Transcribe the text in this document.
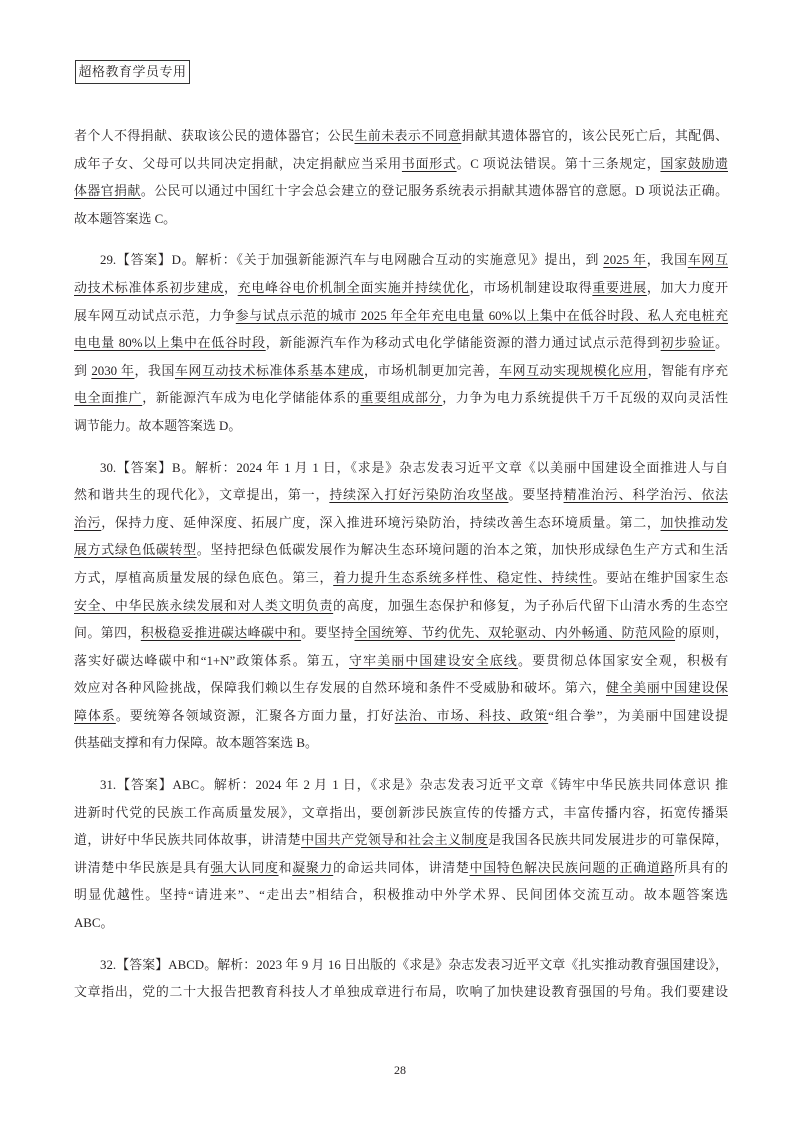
超格教育学员专用
者个人不得捐献、获取该公民的遗体器官；公民生前未表示不同意捐献其遗体器官的，该公民死亡后，其配偶、
成年子女、父母可以共同决定捐献，决定捐献应当采用书面形式。C 项说法错误。第十三条规定，国家鼓励遗
体器官捐献。公民可以通过中国红十字会总会建立的登记服务系统表示捐献其遗体器官的意愿。D 项说法正确。
故本题答案选 C。
29.【答案】D。解析：《关于加强新能源汽车与电网融合互动的实施意见》提出，到 2025 年，我国车网互
动技术标准体系初步建成，充电峰谷电价机制全面实施并持续优化，市场机制建设取得重要进展，加大力度开
展车网互动试点示范，力争参与试点示范的城市 2025 年全年充电电量 60%以上集中在低谷时段、私人充电桩充
电电量 80%以上集中在低谷时段，新能源汽车作为移动式电化学储能资源的潜力通过试点示范得到初步验证。
到 2030 年，我国车网互动技术标准体系基本建成，市场机制更加完善，车网互动实现规模化应用，智能有序充
电全面推广，新能源汽车成为电化学储能体系的重要组成部分，力争为电力系统提供千万千瓦级的双向灵活性
调节能力。故本题答案选 D。
30.【答案】B。解析：2024 年 1 月 1 日，《求是》杂志发表习近平文章《以美丽中国建设全面推进人与自
然和谐共生的现代化》，文章提出，第一，持续深入打好污染防治攻坚战。要坚持精准治污、科学治污、依法
治污，保持力度、延伸深度、拓展广度，深入推进环境污染防治，持续改善生态环境质量。第二，加快推动发
展方式绿色低碳转型。坚持把绿色低碳发展作为解决生态环境问题的治本之策，加快形成绿色生产方式和生活
方式，厚植高质量发展的绿色底色。第三，着力提升生态系统多样性、稳定性、持续性。要站在维护国家生态
安全、中华民族永续发展和对人类文明负责的高度，加强生态保护和修复，为子孙后代留下山清水秀的生态空
间。第四，积极稳妥推进碳达峰碳中和。要坚持全国统筹、节约优先、双轮驱动、内外畅通、防范风险的原则，
落实好碳达峰碳中和“1+N”政策体系。第五，守牢美丽中国建设安全底线。要贯彻总体国家安全观，积极有
效应对各种风险挑战，保障我们赖以生存发展的自然环境和条件不受威胁和破坏。第六，健全美丽中国建设保
障体系。要统筹各领域资源，汇聚各方面力量，打好法治、市场、科技、政策“组合拳”，为美丽中国建设提
供基础支撑和有力保障。故本题答案选 B。
31.【答案】ABC。解析：2024 年 2 月 1 日，《求是》杂志发表习近平文章《铸牢中华民族共同体意识 推
进新时代党的民族工作高质量发展》，文章指出，要创新涉民族宣传的传播方式，丰富传播内容，拓宽传播渠
道，讲好中华民族共同体故事，讲清楚中国共产党领导和社会主义制度是我国各民族共同发展进步的可靠保障，
讲清楚中华民族是具有强大认同度和凝聚力的命运共同体，讲清楚中国特色解决民族问题的正确道路所具有的
明显优越性。坚持“请进来”、“走出去”相结合，积极推动中外学术界、民间团体交流互动。故本题答案选
ABC。
32.【答案】ABCD。解析：2023 年 9 月 16 日出版的《求是》杂志发表习近平文章《扎实推动教育强国建设》，
文章指出，党的二十大报告把教育科技人才单独成章进行布局，吹响了加快建设教育强国的号角。我们要建设
28
